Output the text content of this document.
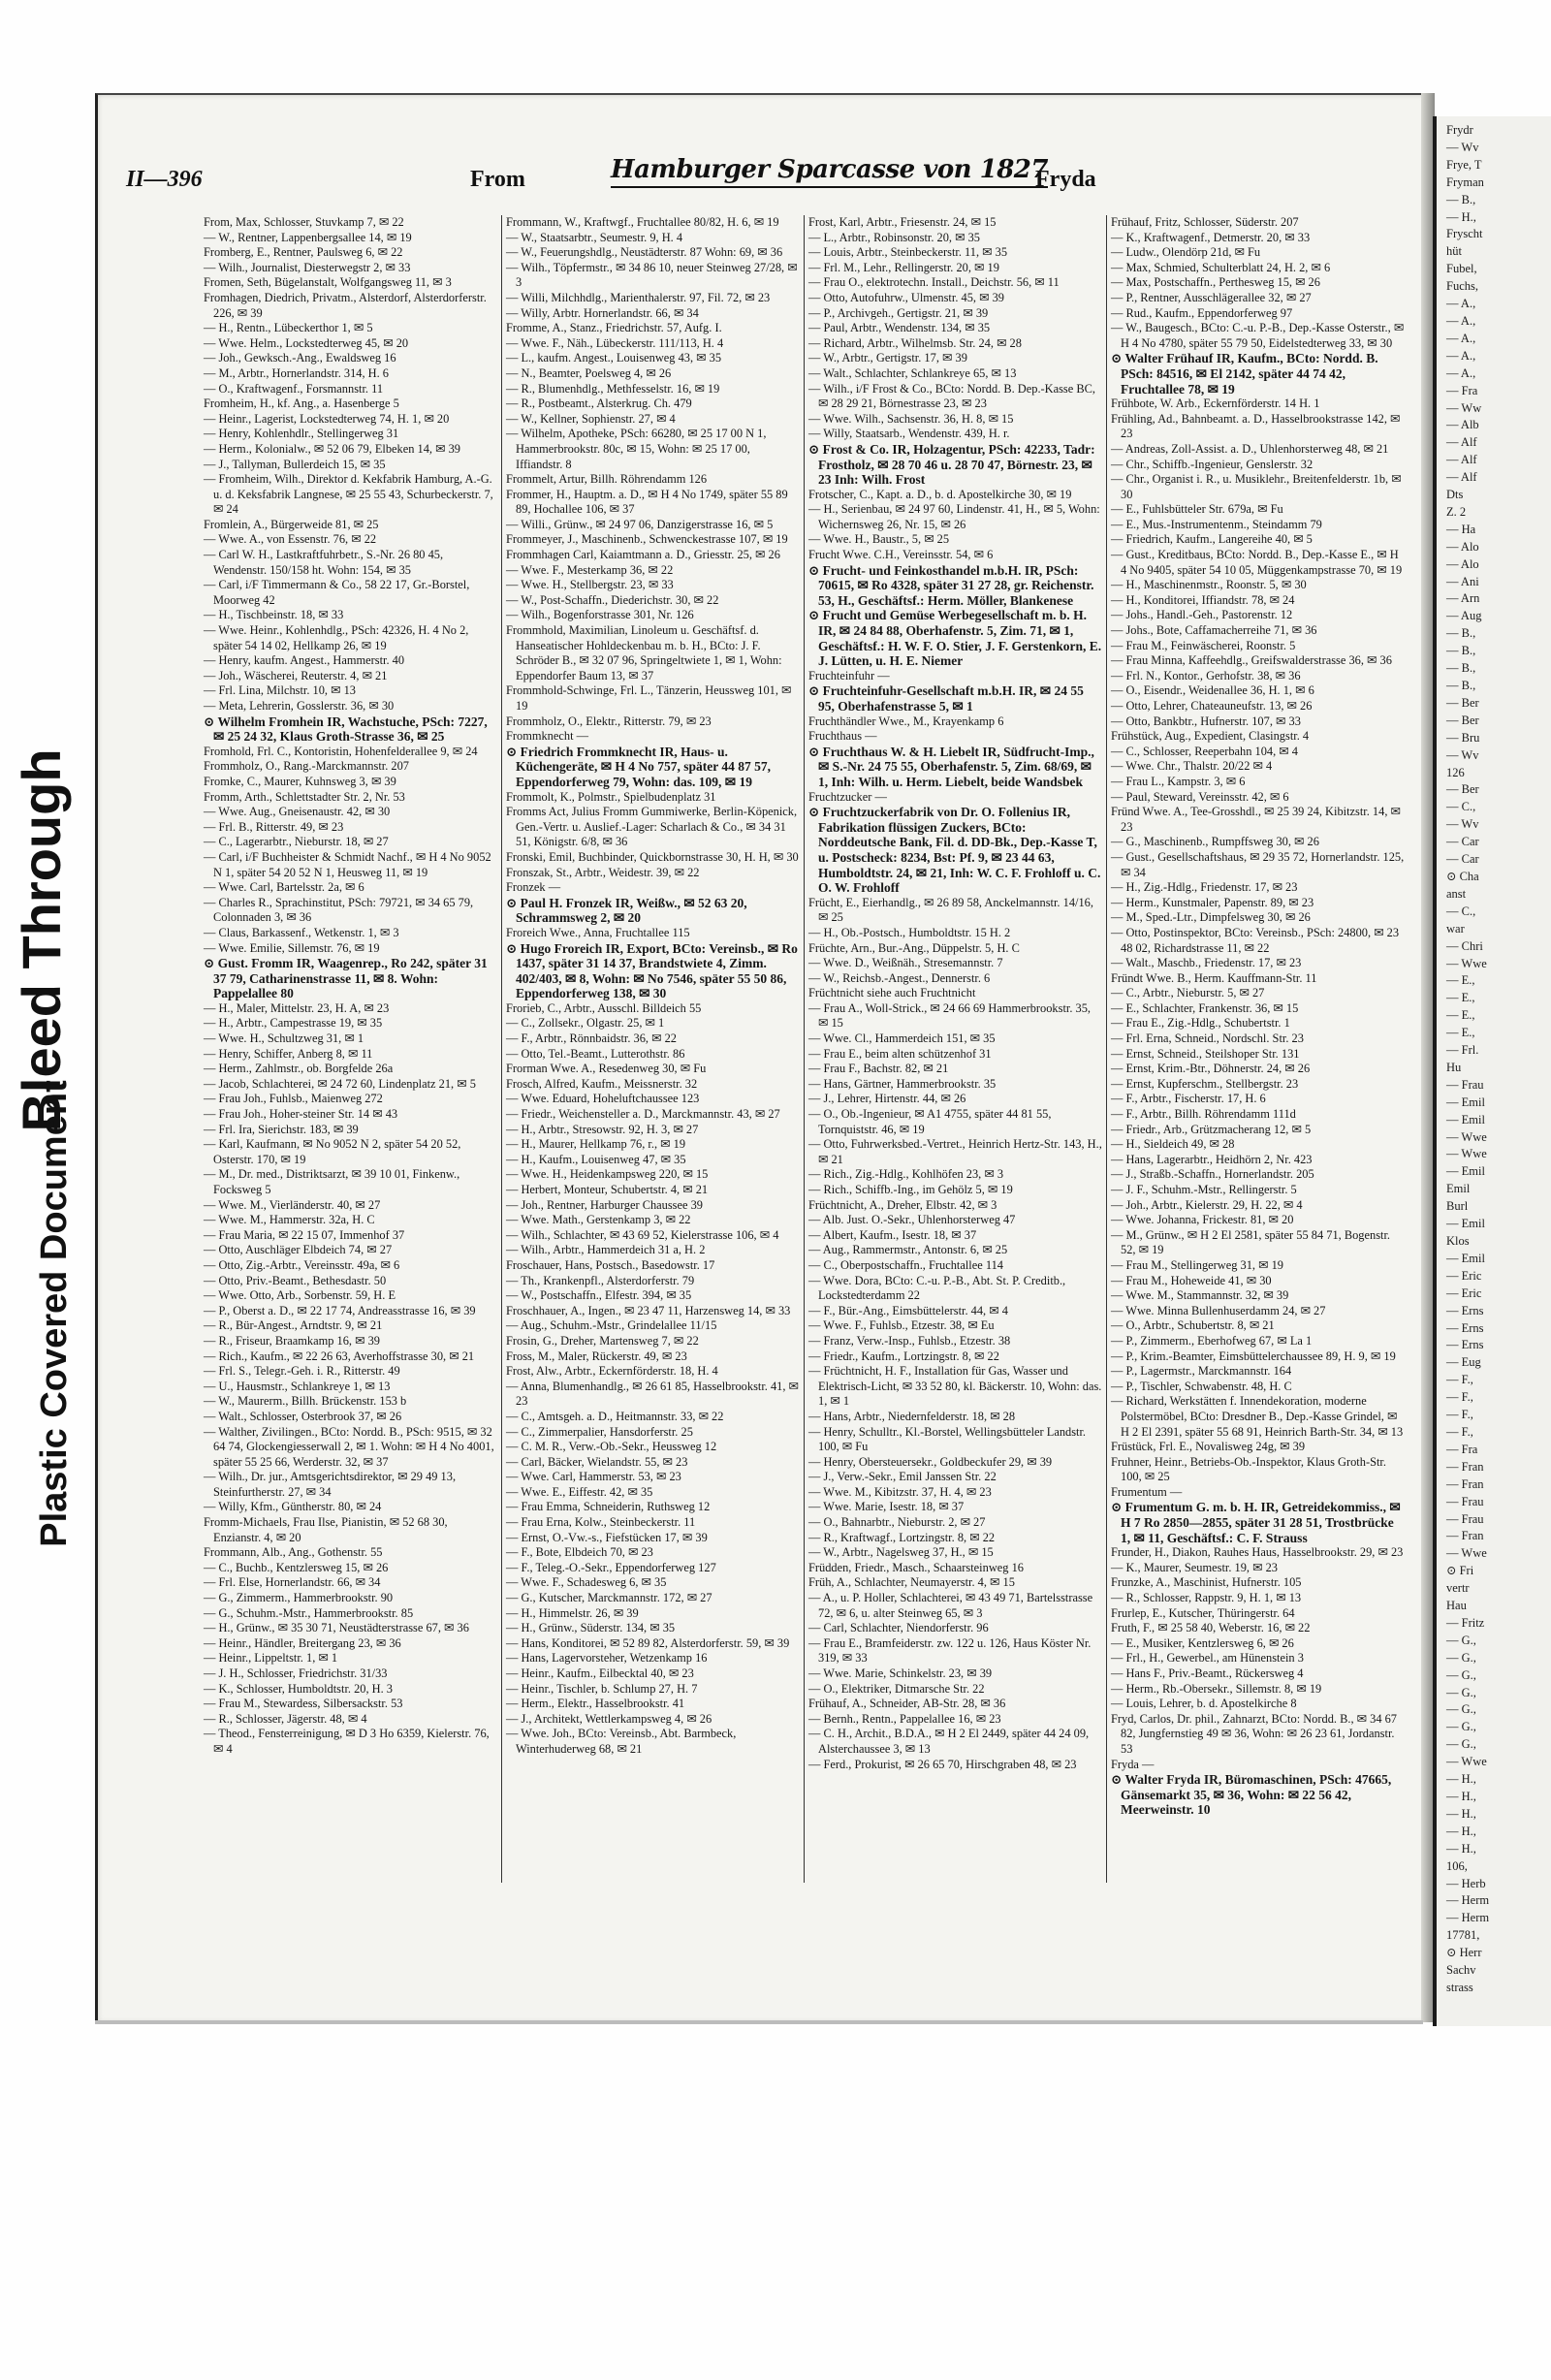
Bleed Through
Plastic Covered Document
Frydr
— Wv
Frye, T
Fryman
— B.,
— H.,
Fryscht
hüt
Fubel,
Fuchs,
— A.,
— A.,
— A.,
— A.,
— A.,
— Fra
— Ww
— Alb
— Alf
— Alf
— Alf
Dts
Z. 2
— Ha
— Alo
— Alo
— Ani
— Arn
— Aug
— B.,
— B.,
— B.,
— B.,
— Ber
— Ber
— Bru
— Wv
126
— Ber
— C.,
— Wv
— Car
— Car
⊙ Cha
anst
— C.,
war
— Chri
— Wwe
— E.,
— E.,
— E.,
— E.,
— Frl.
Hu
— Frau
— Emil
— Emil
— Wwe
— Wwe
— Emil
Emil
Burl
— Emil
Klos
— Emil
— Eric
— Eric
— Erns
— Erns
— Erns
— Eug
— F.,
— F.,
— F.,
— F.,
— Fra
— Fran
— Fran
— Frau
— Frau
— Fran
— Wwe
⊙ Fri
vertr
Hau
— Fritz
— G.,
— G.,
— G.,
— G.,
— G.,
— G.,
— G.,
— Wwe
— H.,
— H.,
— H.,
— H.,
— H.,
106,
— Herb
— Herm
— Herm
17781,
⊙ Herr
Sachv
strass
II—396	From	Hamburger Sparcasse von 1827
Fryda

From, Max, Schlosser, Stuvkamp 7, ✉ 22

— W., Rentner, Lappenbergsallee 14, ✉ 19

Fromberg, E., Rentner, Paulsweg 6, ✉ 22

— Wilh., Journalist, Diesterwegstr 2, ✉ 33

Fromen, Seth, Bügelanstalt, Wolfgangsweg 11, ✉ 3

Fromhagen, Diedrich, Privatm., Alsterdorf, Alsterdorferstr. 226, ✉ 39

— H., Rentn., Lübeckerthor 1, ✉ 5

— Wwe. Helm., Lockstedterweg 45, ✉ 20

— Joh., Gewksch.-Ang., Ewaldsweg 16

— M., Arbtr., Hornerlandstr. 314, H. 6

— O., Kraftwagenf., Forsmannstr. 11

Fromheim, H., kf. Ang., a. Hasenberge 5

— Heinr., Lagerist, Lockstedterweg 74, H. 1, ✉ 20

— Henry, Kohlenhdlr., Stellingerweg 31

— Herm., Kolonialw., ✉ 52 06 79, Elbeken 14, ✉ 39

— J., Tallyman, Bullerdeich 15, ✉ 35

— Fromheim, Wilh., Direktor d. Kekfabrik Hamburg, A.-G. u. d. Keksfabrik Langnese, ✉ 25 55 43, Schurbeckerstr. 7, ✉ 24

Fromlein, A., Bürgerweide 81, ✉ 25

— Wwe. A., von Essenstr. 76, ✉ 22

— Carl W. H., Lastkraftfuhrbetr., S.-Nr. 26 80 45, Wendenstr. 150/158 ht. Wohn: 154, ✉ 35

— Carl, i/F Timmermann & Co., 58 22 17, Gr.-Borstel, Moorweg 42

— H., Tischbeinstr. 18, ✉ 33

— Wwe. Heinr., Kohlenhdlg., PSch: 42326, H. 4 No 2, später 54 14 02, Hellkamp 26, ✉ 19

— Henry, kaufm. Angest., Hammerstr. 40

— Joh., Wäscherei, Reuterstr. 4, ✉ 21

— Frl. Lina, Milchstr. 10, ✉ 13

— Meta, Lehrerin, Gosslerstr. 36, ✉ 30

⊙ Wilhelm Fromhein IR, Wachstuche, PSch: 7227, ✉ 25 24 32, Klaus Groth-Strasse 36, ✉ 25

Fromhold, Frl. C., Kontoristin, Hohenfelderallee 9, ✉ 24

Frommholz, O., Rang.-Marckmannstr. 207

Fromke, C., Maurer, Kuhnsweg 3, ✉ 39

Fromm, Arth., Schlettstadter Str. 2, Nr. 53

— Wwe. Aug., Gneisenaustr. 42, ✉ 30

— Frl. B., Ritterstr. 49, ✉ 23

— C., Lagerarbtr., Nieburstr. 18, ✉ 27

— Carl, i/F Buchheister & Schmidt Nachf., ✉ H 4 No 9052 N 1, später 54 20 52 N 1, Heusweg 11, ✉ 19

— Wwe. Carl, Bartelsstr. 2a, ✉ 6

— Charles R., Sprachinstitut, PSch: 79721, ✉ 34 65 79, Colonnaden 3, ✉ 36

— Claus, Barkassenf., Wetkenstr. 1, ✉ 3

— Wwe. Emilie, Sillemstr. 76, ✉ 19

⊙ Gust. Fromm IR, Waagenrep., Ro 242, später 31 37 79, Catharinenstrasse 11, ✉ 8. Wohn: Pappelallee 80

— H., Maler, Mittelstr. 23, H. A, ✉ 23

— H., Arbtr., Campestrasse 19, ✉ 35

— Wwe. H., Schultzweg 31, ✉ 1

— Henry, Schiffer, Anberg 8, ✉ 11

— Herm., Zahlmstr., ob. Borgfelde 26a

— Jacob, Schlachterei, ✉ 24 72 60, Lindenplatz 21, ✉ 5

— Frau Joh., Fuhlsb., Maienweg 272

— Frau Joh., Hoher-steiner Str. 14 ✉ 43

— Frl. Ira, Sierichstr. 183, ✉ 39

— Karl, Kaufmann, ✉ No 9052 N 2, später 54 20 52, Osterstr. 170, ✉ 19

— M., Dr. med., Distriktsarzt, ✉ 39 10 01, Finkenw., Focksweg 5

— Wwe. M., Vierländerstr. 40, ✉ 27

— Wwe. M., Hammerstr. 32a, H. C

— Frau Maria, ✉ 22 15 07, Immenhof 37

— Otto, Auschläger Elbdeich 74, ✉ 27

— Otto, Zig.-Arbtr., Vereinsstr. 49a, ✉ 6

— Otto, Priv.-Beamt., Bethesdastr. 50

— Wwe. Otto, Arb., Sorbenstr. 59, H. E

— P., Oberst a. D., ✉ 22 17 74, Andreasstrasse 16, ✉ 39

— R., Bür-Angest., Arndtstr. 9, ✉ 21

— R., Friseur, Braamkamp 16, ✉ 39

— Rich., Kaufm., ✉ 22 26 63, Averhoffstrasse 30, ✉ 21

— Frl. S., Telegr.-Geh. i. R., Ritterstr. 49

— U., Hausmstr., Schlankreye 1, ✉ 13

— W., Maurerm., Billh. Brückenstr. 153 b

— Walt., Schlosser, Osterbrook 37, ✉ 26

— Walther, Zivilingen., BCto: Nordd. B., PSch: 9515, ✉ 32 64 74, Glockengiesserwall 2, ✉ 1. Wohn: ✉ H 4 No 4001, später 55 25 66, Werderstr. 32, ✉ 37

— Wilh., Dr. jur., Amtsgerichtsdirektor, ✉ 29 49 13, Steinfurtherstr. 27, ✉ 34

— Willy, Kfm., Güntherstr. 80, ✉ 24

Fromm-Michaels, Frau Ilse, Pianistin, ✉ 52 68 30, Enzianstr. 4, ✉ 20

Frommann, Alb., Ang., Gothenstr. 55

— C., Buchb., Kentzlersweg 15, ✉ 26

— Frl. Else, Hornerlandstr. 66, ✉ 34

— G., Zimmerm., Hammerbrookstr. 90

— G., Schuhm.-Mstr., Hammerbrookstr. 85

— H., Grünw., ✉ 35 30 71, Neustädterstrasse 67, ✉ 36

— Heinr., Händler, Breitergang 23, ✉ 36

— Heinr., Lippeltstr. 1, ✉ 1

— J. H., Schlosser, Friedrichstr. 31/33

— K., Schlosser, Humboldtstr. 20, H. 3

— Frau M., Stewardess, Silbersackstr. 53

— R., Schlosser, Jägerstr. 48, ✉ 4

— Theod., Fensterreinigung, ✉ D 3 Ho 6359, Kielerstr. 76, ✉ 4

Frommann, W., Kraftwgf., Fruchtallee 80/82, H. 6, ✉ 19

— W., Staatsarbtr., Seumestr. 9, H. 4

— W., Feuerungshdlg., Neustädterstr. 87 Wohn: 69, ✉ 36

— Wilh., Töpfermstr., ✉ 34 86 10, neuer Steinweg 27/28, ✉ 3

— Willi, Milchhdlg., Marienthalerstr. 97, Fil. 72, ✉ 23

— Willy, Arbtr. Hornerlandstr. 66, ✉ 34

Fromme, A., Stanz., Friedrichstr. 57, Aufg. I.

— Wwe. F., Näh., Lübeckerstr. 111/113, H. 4

— L., kaufm. Angest., Louisenweg 43, ✉ 35

— N., Beamter, Poelsweg 4, ✉ 26

— R., Blumenhdlg., Methfesselstr. 16, ✉ 19

— R., Postbeamt., Alsterkrug. Ch. 479

— W., Kellner, Sophienstr. 27, ✉ 4

— Wilhelm, Apotheke, PSch: 66280, ✉ 25 17 00 N 1, Hammerbrookstr. 80c, ✉ 15, Wohn: ✉ 25 17 00, Iffiandstr. 8

Frommelt, Artur, Billh. Röhrendamm 126

Frommer, H., Hauptm. a. D., ✉ H 4 No 1749, später 55 89 89, Hochallee 106, ✉ 37

— Willi., Grünw., ✉ 24 97 06, Danzigerstrasse 16, ✉ 5

Frommeyer, J., Maschinenb., Schwenckestrasse 107, ✉ 19

Frommhagen Carl, Kaiamtmann a. D., Griesstr. 25, ✉ 26

— Wwe. F., Mesterkamp 36, ✉ 22

— Wwe. H., Stellbergstr. 23, ✉ 33

— W., Post-Schaffn., Diederichstr. 30, ✉ 22

— Wilh., Bogenforstrasse 301, Nr. 126

Frommhold, Maximilian, Linoleum u. Geschäftsf. d. Hanseatischer Hohldeckenbau m. b. H., BCto: J. F. Schröder B., ✉ 32 07 96, Springeltwiete 1, ✉ 1, Wohn: Eppendorfer Baum 13, ✉ 37

Frommhold-Schwinge, Frl. L., Tänzerin, Heussweg 101, ✉ 19

Frommholz, O., Elektr., Ritterstr. 79, ✉ 23

Frommknecht —

⊙ Friedrich Frommknecht IR, Haus- u. Küchengeräte, ✉ H 4 No 757, später 44 87 57, Eppendorferweg 79, Wohn: das. 109, ✉ 19

Frommolt, K., Polmstr., Spielbudenplatz 31

Fromms Act, Julius Fromm Gummiwerke, Berlin-Köpenick, Gen.-Vertr. u. Auslief.-Lager: Scharlach & Co., ✉ 34 31 51, Königstr. 6/8, ✉ 36

Fronski, Emil, Buchbinder, Quickbornstrasse 30, H. H, ✉ 30

Fronszak, St., Arbtr., Weidestr. 39, ✉ 22

Fronzek —

⊙ Paul H. Fronzek IR, Weißw., ✉ 52 63 20, Schrammsweg 2, ✉ 20

Froreich Wwe., Anna, Fruchtallee 115

⊙ Hugo Froreich IR, Export, BCto: Vereinsb., ✉ Ro 1437, später 31 14 37, Brandstwiete 4, Zimm. 402/403, ✉ 8, Wohn: ✉ No 7546, später 55 50 86, Eppendorferweg 138, ✉ 30

Frorieb, C., Arbtr., Ausschl. Billdeich 55

— C., Zollsekr., Olgastr. 25, ✉ 1

— F., Arbtr., Rönnbaidstr. 36, ✉ 22

— Otto, Tel.-Beamt., Lutterothstr. 86

Frorman Wwe. A., Resedenweg 30, ✉ Fu

Frosch, Alfred, Kaufm., Meissnerstr. 32

— Wwe. Eduard, Hoheluftchaussee 123

— Friedr., Weichensteller a. D., Marckmannstr. 43, ✉ 27

— H., Arbtr., Stresowstr. 92, H. 3, ✉ 27

— H., Maurer, Hellkamp 76, r., ✉ 19

— H., Kaufm., Louisenweg 47, ✉ 35

— Wwe. H., Heidenkampsweg 220, ✉ 15

— Herbert, Monteur, Schubertstr. 4, ✉ 21

— Joh., Rentner, Harburger Chaussee 39

— Wwe. Math., Gerstenkamp 3, ✉ 22

— Wilh., Schlachter, ✉ 43 69 52, Kielerstrasse 106, ✉ 4

— Wilh., Arbtr., Hammerdeich 31 a, H. 2

Froschauer, Hans, Postsch., Basedowstr. 17

— Th., Krankenpfl., Alsterdorferstr. 79

— W., Postschaffn., Elfestr. 394, ✉ 35

Froschhauer, A., Ingen., ✉ 23 47 11, Harzensweg 14, ✉ 33

— Aug., Schuhm.-Mstr., Grindelallee 11/15

Frosin, G., Dreher, Martensweg 7, ✉ 22

Fross, M., Maler, Rückerstr. 49, ✉ 23

Frost, Alw., Arbtr., Eckernförderstr. 18, H. 4

— Anna, Blumenhandlg., ✉ 26 61 85, Hasselbrookstr. 41, ✉ 23

— C., Amtsgeh. a. D., Heitmannstr. 33, ✉ 22

— C., Zimmerpalier, Hansdorferstr. 25

— C. M. R., Verw.-Ob.-Sekr., Heussweg 12

— Carl, Bäcker, Wielandstr. 55, ✉ 23

— Wwe. Carl, Hammerstr. 53, ✉ 23

— Wwe. E., Eiffestr. 42, ✉ 35

— Frau Emma, Schneiderin, Ruthsweg 12

— Frau Erna, Kolw., Steinbeckerstr. 11

— Ernst, O.-Vw.-s., Fiefstücken 17, ✉ 39

— F., Bote, Elbdeich 70, ✉ 23

— F., Teleg.-O.-Sekr., Eppendorferweg 127

— Wwe. F., Schadesweg 6, ✉ 35

— G., Kutscher, Marckmannstr. 172, ✉ 27

— H., Himmelstr. 26, ✉ 39

— H., Grünw., Süderstr. 134, ✉ 35

— Hans, Konditorei, ✉ 52 89 82, Alsterdorferstr. 59, ✉ 39

— Hans, Lagervorsteher, Wetzenkamp 16

— Heinr., Kaufm., Eilbecktal 40, ✉ 23

— Heinr., Tischler, b. Schlump 27, H. 7

— Herm., Elektr., Hasselbrookstr. 41

— J., Architekt, Wettlerkampsweg 4, ✉ 26

— Wwe. Joh., BCto: Vereinsb., Abt. Barmbeck, Winterhuderweg 68, ✉ 21

Frost, Karl, Arbtr., Friesenstr. 24, ✉ 15

— L., Arbtr., Robinsonstr. 20, ✉ 35

— Louis, Arbtr., Steinbeckerstr. 11, ✉ 35

— Frl. M., Lehr., Rellingerstr. 20, ✉ 19

— Frau O., elektrotechn. Install., Deichstr. 56, ✉ 11

— Otto, Autofuhrw., Ulmenstr. 45, ✉ 39

— P., Archivgeh., Gertigstr. 21, ✉ 39

— Paul, Arbtr., Wendenstr. 134, ✉ 35

— Richard, Arbtr., Wilhelmsb. Str. 24, ✉ 28

— W., Arbtr., Gertigstr. 17, ✉ 39

— Walt., Schlachter, Schlankreye 65, ✉ 13

— Wilh., i/F Frost & Co., BCto: Nordd. B. Dep.-Kasse BC, ✉ 28 29 21, Börnestrasse 23, ✉ 23

— Wwe. Wilh., Sachsenstr. 36, H. 8, ✉ 15

— Willy, Staatsarb., Wendenstr. 439, H. r.

⊙ Frost & Co. IR, Holzagentur, PSch: 42233, Tadr: Frostholz, ✉ 28 70 46 u. 28 70 47, Börnestr. 23, ✉ 23 Inh: Wilh. Frost

Frotscher, C., Kapt. a. D., b. d. Apostelkirche 30, ✉ 19

— H., Serienbau, ✉ 24 97 60, Lindenstr. 41, H., ✉ 5, Wohn: Wichernsweg 26, Nr. 15, ✉ 26

— Wwe. H., Baustr., 5, ✉ 25

Frucht Wwe. C.H., Vereinsstr. 54, ✉ 6

⊙ Frucht- und Feinkosthandel m.b.H. IR, PSch: 70615, ✉ Ro 4328, später 31 27 28, gr. Reichenstr. 53, H., Geschäftsf.: Herm. Möller, Blankenese

⊙ Frucht und Gemüse Werbegesellschaft m. b. H. IR, ✉ 24 84 88, Oberhafenstr. 5, Zim. 71, ✉ 1, Geschäftsf.: H. W. F. O. Stier, J. F. Gerstenkorn, E. J. Lütten, u. H. E. Niemer

Fruchteinfuhr —

⊙ Fruchteinfuhr-Gesellschaft m.b.H. IR, ✉ 24 55 95, Oberhafenstrasse 5, ✉ 1

Fruchthändler Wwe., M., Krayenkamp 6

Fruchthaus —

⊙ Fruchthaus W. & H. Liebelt IR, Südfrucht-Imp., ✉ S.-Nr. 24 75 55, Oberhafenstr. 5, Zim. 68/69, ✉ 1, Inh: Wilh. u. Herm. Liebelt, beide Wandsbek

Fruchtzucker —

⊙ Fruchtzuckerfabrik von Dr. O. Follenius IR, Fabrikation flüssigen Zuckers, BCto: Norddeutsche Bank, Fil. d. DD-Bk., Dep.-Kasse T, u. Postscheck: 8234, Bst: Pf. 9, ✉ 23 44 63, Humboldtstr. 24, ✉ 21, Inh: W. C. F. Frohloff u. C. O. W. Frohloff

Frücht, E., Eierhandlg., ✉ 26 89 58, Anckelmannstr. 14/16, ✉ 25

— H., Ob.-Postsch., Humboldtstr. 15 H. 2

Früchte, Arn., Bur.-Ang., Düppelstr. 5, H. C

— Wwe. D., Weißnäh., Stresemannstr. 7

— W., Reichsb.-Angest., Dennerstr. 6

Früchtnicht siehe auch Fruchtnicht

— Frau A., Woll-Strick., ✉ 24 66 69 Hammerbrookstr. 35, ✉ 15

— Wwe. Cl., Hammerdeich 151, ✉ 35

— Frau E., beim alten schützenhof 31

— Frau F., Bachstr. 82, ✉ 21

— Hans, Gärtner, Hammerbrookstr. 35

— J., Lehrer, Hirtenstr. 44, ✉ 26

— O., Ob.-Ingenieur, ✉ A1 4755, später 44 81 55, Tornquiststr. 46, ✉ 19

— Otto, Fuhrwerksbed.-Vertret., Heinrich Hertz-Str. 143, H., ✉ 21

— Rich., Zig.-Hdlg., Kohlhöfen 23, ✉ 3

— Rich., Schiffb.-Ing., im Gehölz 5, ✉ 19

Früchtnicht, A., Dreher, Elbstr. 42, ✉ 3

— Alb. Just. O.-Sekr., Uhlenhorsterweg 47

— Albert, Kaufm., Isestr. 18, ✉ 37

— Aug., Rammermstr., Antonstr. 6, ✉ 25

— C., Oberpostschaffn., Fruchtallee 114

— Wwe. Dora, BCto: C.-u. P.-B., Abt. St. P. Creditb., Lockstedterdamm 22

— F., Bür.-Ang., Eimsbüttelerstr. 44, ✉ 4

— Wwe. F., Fuhlsb., Etzestr. 38, ✉ Eu

— Franz, Verw.-Insp., Fuhlsb., Etzestr. 38

— Friedr., Kaufm., Lortzingstr. 8, ✉ 22

— Früchtnicht, H. F., Installation für Gas, Wasser und Elektrisch-Licht, ✉ 33 52 80, kl. Bäckerstr. 10, Wohn: das. 1, ✉ 1

— Hans, Arbtr., Niedernfelderstr. 18, ✉ 28

— Henry, Schulltr., Kl.-Borstel, Wellingsbütteler Landstr. 100, ✉ Fu

— Henry, Obersteuersekr., Goldbeckufer 29, ✉ 39

— J., Verw.-Sekr., Emil Janssen Str. 22

— Wwe. M., Kibitzstr. 37, H. 4, ✉ 23

— Wwe. Marie, Isestr. 18, ✉ 37

— O., Bahnarbtr., Nieburstr. 2, ✉ 27

— R., Kraftwagf., Lortzingstr. 8, ✉ 22

— W., Arbtr., Nagelsweg 37, H., ✉ 15

Früdden, Friedr., Masch., Schaarsteinweg 16

Früh, A., Schlachter, Neumayerstr. 4, ✉ 15

— A., u. P. Holler, Schlachterei, ✉ 43 49 71, Bartelsstrasse 72, ✉ 6, u. alter Steinweg 65, ✉ 3

— Carl, Schlachter, Niendorferstr. 96

— Frau E., Bramfeiderstr. zw. 122 u. 126, Haus Köster Nr. 319, ✉ 33

— Wwe. Marie, Schinkelstr. 23, ✉ 39

— O., Elektriker, Ditmarsche Str. 22

Frühauf, A., Schneider, AB-Str. 28, ✉ 36

— Bernh., Rentn., Pappelallee 16, ✉ 23

— C. H., Archit., B.D.A., ✉ H 2 El 2449, später 44 24 09, Alsterchaussee 3, ✉ 13

— Ferd., Prokurist, ✉ 26 65 70, Hirschgraben 48, ✉ 23

Frühauf, Fritz, Schlosser, Süderstr. 207

— K., Kraftwagenf., Detmerstr. 20, ✉ 33

— Ludw., Olendörp 21d, ✉ Fu

— Max, Schmied, Schulterblatt 24, H. 2, ✉ 6

— Max, Postschaffn., Perthesweg 15, ✉ 26

— P., Rentner, Ausschlägerallee 32, ✉ 27

— Rud., Kaufm., Eppendorferweg 97

— W., Baugesch., BCto: C.-u. P.-B., Dep.-Kasse Osterstr., ✉ H 4 No 4780, später 55 79 50, Eidelstedterweg 33, ✉ 30

⊙ Walter Frühauf IR, Kaufm., BCto: Nordd. B. PSch: 84516, ✉ El 2142, später 44 74 42, Fruchtallee 78, ✉ 19

Frühbote, W. Arb., Eckernförderstr. 14 H. 1

Frühling, Ad., Bahnbeamt. a. D., Hasselbrookstrasse 142, ✉ 23

— Andreas, Zoll-Assist. a. D., Uhlenhorsterweg 48, ✉ 21

— Chr., Schiffb.-Ingenieur, Genslerstr. 32

— Chr., Organist i. R., u. Musiklehr., Breitenfelderstr. 1b, ✉ 30

— E., Fuhlsbütteler Str. 679a, ✉ Fu

— E., Mus.-Instrumentenm., Steindamm 79

— Friedrich, Kaufm., Langereihe 40, ✉ 5

— Gust., Kreditbaus, BCto: Nordd. B., Dep.-Kasse E., ✉ H 4 No 9405, später 54 10 05, Müggenkampstrasse 70, ✉ 19

— H., Maschinenmstr., Roonstr. 5, ✉ 30

— H., Konditorei, Iffiandstr. 78, ✉ 24

— Johs., Handl.-Geh., Pastorenstr. 12

— Johs., Bote, Caffamacherreihe 71, ✉ 36

— Frau M., Feinwäscherei, Roonstr. 5

— Frau Minna, Kaffeehdlg., Greifswalderstrasse 36, ✉ 36

— Frl. N., Kontor., Gerhofstr. 38, ✉ 36

— O., Eisendr., Weidenallee 36, H. 1, ✉ 6

— Otto, Lehrer, Chateauneufstr. 13, ✉ 26

— Otto, Bankbtr., Hufnerstr. 107, ✉ 33

Frühstück, Aug., Expedient, Clasingstr. 4

— C., Schlosser, Reeperbahn 104, ✉ 4

— Wwe. Chr., Thalstr. 20/22 ✉ 4

— Frau L., Kampstr. 3, ✉ 6

— Paul, Steward, Vereinsstr. 42, ✉ 6

Fründ Wwe. A., Tee-Grosshdl., ✉ 25 39 24, Kibitzstr. 14, ✉ 23

— G., Maschinenb., Rumpffsweg 30, ✉ 26

— Gust., Gesellschaftshaus, ✉ 29 35 72, Hornerlandstr. 125, ✉ 34

— H., Zig.-Hdlg., Friedenstr. 17, ✉ 23

— Herm., Kunstmaler, Papenstr. 89, ✉ 23

— M., Sped.-Ltr., Dimpfelsweg 30, ✉ 26

— Otto, Postinspektor, BCto: Vereinsb., PSch: 24800, ✉ 23 48 02, Richardstrasse 11, ✉ 22

— Walt., Maschb., Friedenstr. 17, ✉ 23

Fründt Wwe. B., Herm. Kauffmann-Str. 11

— C., Arbtr., Nieburstr. 5, ✉ 27

— E., Schlachter, Frankenstr. 36, ✉ 15

— Frau E., Zig.-Hdlg., Schubertstr. 1

— Frl. Erna, Schneid., Nordschl. Str. 23

— Ernst, Schneid., Steilshoper Str. 131

— Ernst, Krim.-Btr., Döhnerstr. 24, ✉ 26

— Ernst, Kupferschm., Stellbergstr. 23

— F., Arbtr., Fischerstr. 17, H. 6

— F., Arbtr., Billh. Röhrendamm 111d

— Friedr., Arb., Grützmacherang 12, ✉ 5

— H., Sieldeich 49, ✉ 28

— Hans, Lagerarbtr., Heidhörn 2, Nr. 423

— J., Straßb.-Schaffn., Hornerlandstr. 205

— J. F., Schuhm.-Mstr., Rellingerstr. 5

— Joh., Arbtr., Kielerstr. 29, H. 22, ✉ 4

— Wwe. Johanna, Frickestr. 81, ✉ 20

— M., Grünw., ✉ H 2 El 2581, später 55 84 71, Bogenstr. 52, ✉ 19

— Frau M., Stellingerweg 31, ✉ 19

— Frau M., Hoheweide 41, ✉ 30

— Wwe. M., Stammannstr. 32, ✉ 39

— Wwe. Minna Bullenhuserdamm 24, ✉ 27

— O., Arbtr., Schubertstr. 8, ✉ 21

— P., Zimmerm., Eberhofweg 67, ✉ La 1

— P., Krim.-Beamter, Eimsbüttelerchaussee 89, H. 9, ✉ 19

— P., Lagermstr., Marckmannstr. 164

— P., Tischler, Schwabenstr. 48, H. C

— Richard, Werkstätten f. Innendekoration, moderne Polstermöbel, BCto: Dresdner B., Dep.-Kasse Grindel, ✉ H 2 El 2391, später 55 68 91, Heinrich Barth-Str. 34, ✉ 13

Früstück, Frl. E., Novalisweg 24g, ✉ 39

Fruhner, Heinr., Betriebs-Ob.-Inspektor, Klaus Groth-Str. 100, ✉ 25

Frumentum —

⊙ Frumentum G. m. b. H. IR, Getreidekommiss., ✉ H 7 Ro 2850—2855, später 31 28 51, Trostbrücke 1, ✉ 11, Geschäftsf.: C. F. Strauss

Frunder, H., Diakon, Rauhes Haus, Hasselbrookstr. 29, ✉ 23

— K., Maurer, Seumestr. 19, ✉ 23

Frunzke, A., Maschinist, Hufnerstr. 105

— R., Schlosser, Rappstr. 9, H. 1, ✉ 13

Frurlep, E., Kutscher, Thüringerstr. 64

Fruth, F., ✉ 25 58 40, Weberstr. 16, ✉ 22

— E., Musiker, Kentzlersweg 6, ✉ 26

— Frl., H., Gewerbel., am Hünenstein 3

— Hans F., Priv.-Beamt., Rückersweg 4

— Herm., Rb.-Obersekr., Sillemstr. 8, ✉ 19

— Louis, Lehrer, b. d. Apostelkirche 8

Fryd, Carlos, Dr. phil., Zahnarzt, BCto: Nordd. B., ✉ 34 67 82, Jungfernstieg 49 ✉ 36, Wohn: ✉ 26 23 61, Jordanstr. 53

Fryda —

⊙ Walter Fryda IR, Büromaschinen, PSch: 47665, Gänsemarkt 35, ✉ 36, Wohn: ✉ 22 56 42, Meerweinstr. 10
